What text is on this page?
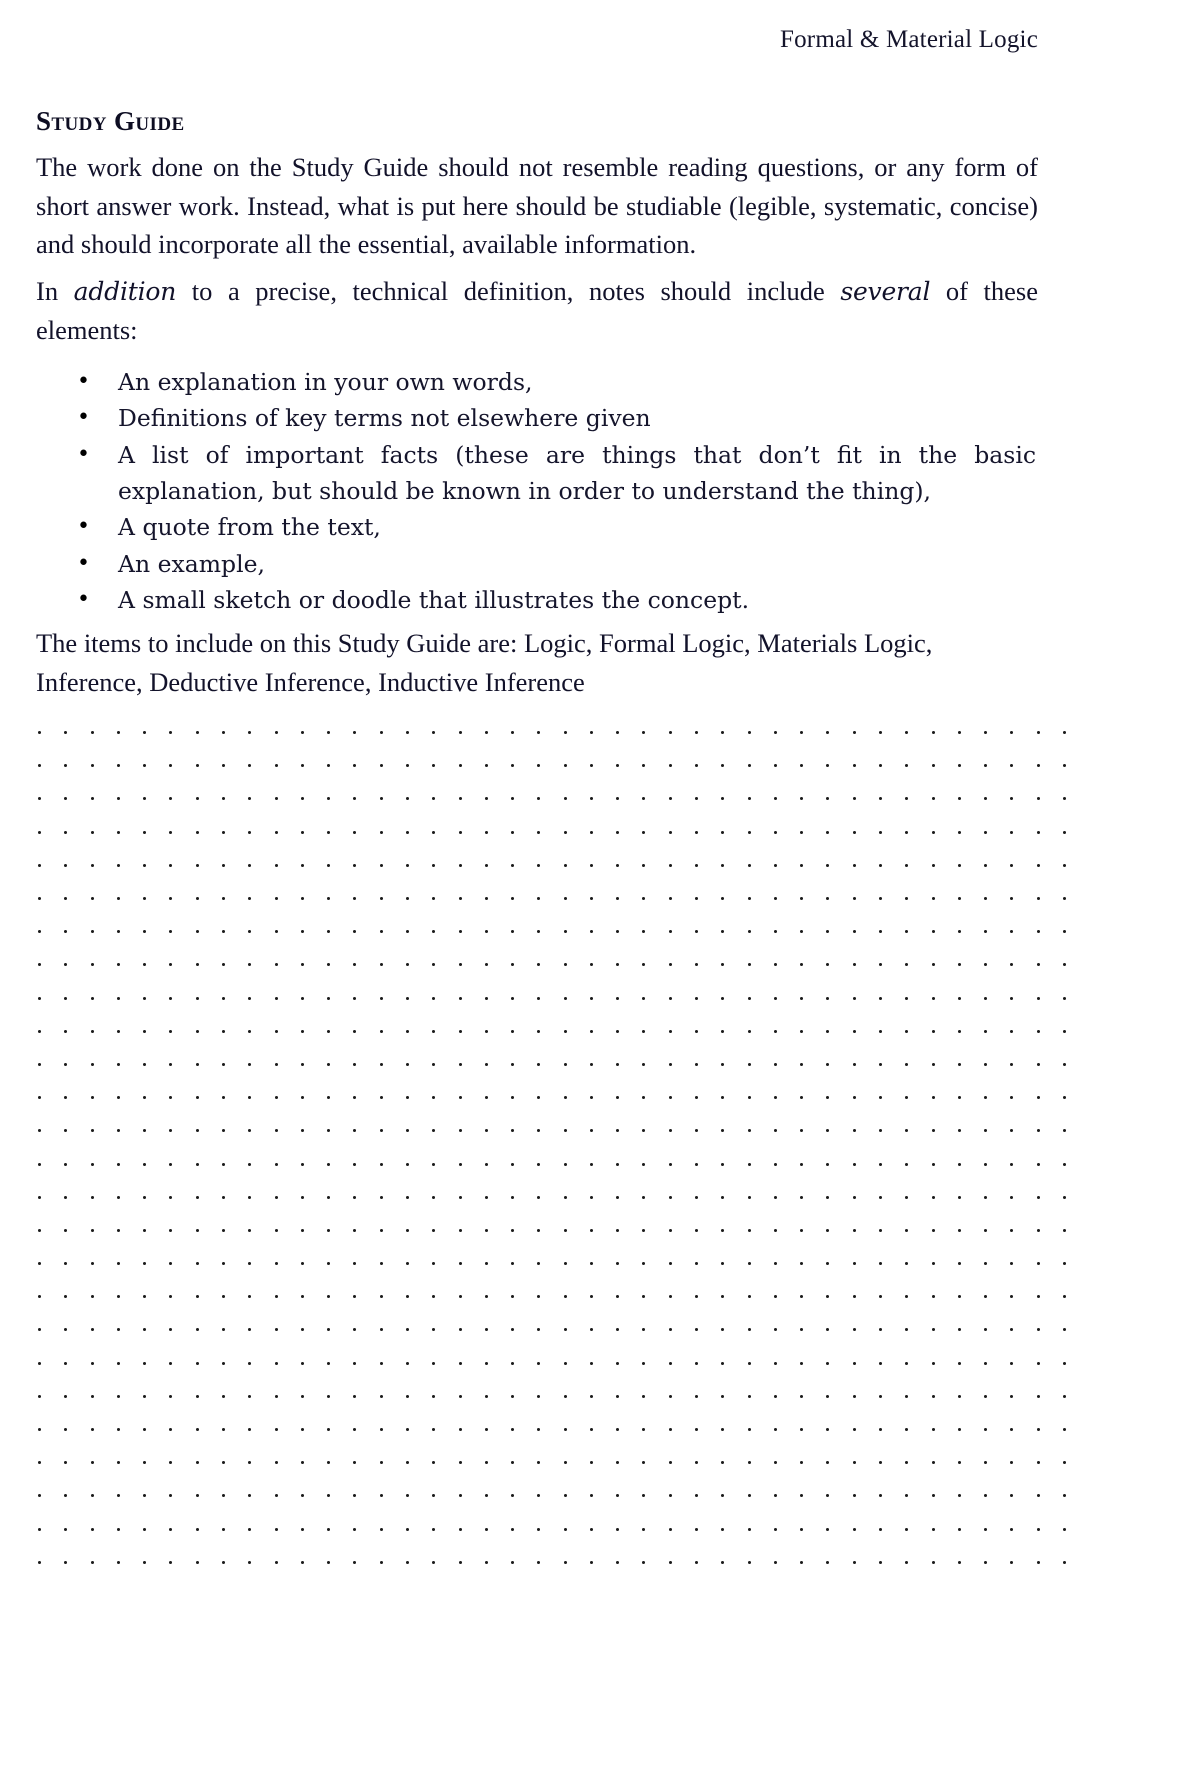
Formal & Material Logic
Study Guide

The work done on the Study Guide should not resemble reading questions, or any form of short answer work. Instead, what is put here should be studiable (legible, systematic, concise) and should incorporate all the essential, available information.

In addition to a precise, technical definition, notes should include several of these elements:

• An explanation in your own words,
• Definitions of key terms not elsewhere given
• A list of important facts (these are things that don’t fit in the basic explanation, but should be known in order to understand the thing),
• A quote from the text,
• An example,
• A small sketch or doodle that illustrates the concept.

The items to include on this Study Guide are: Logic, Formal Logic, Materials Logic, Inference, Deductive Inference, Inductive Inference
